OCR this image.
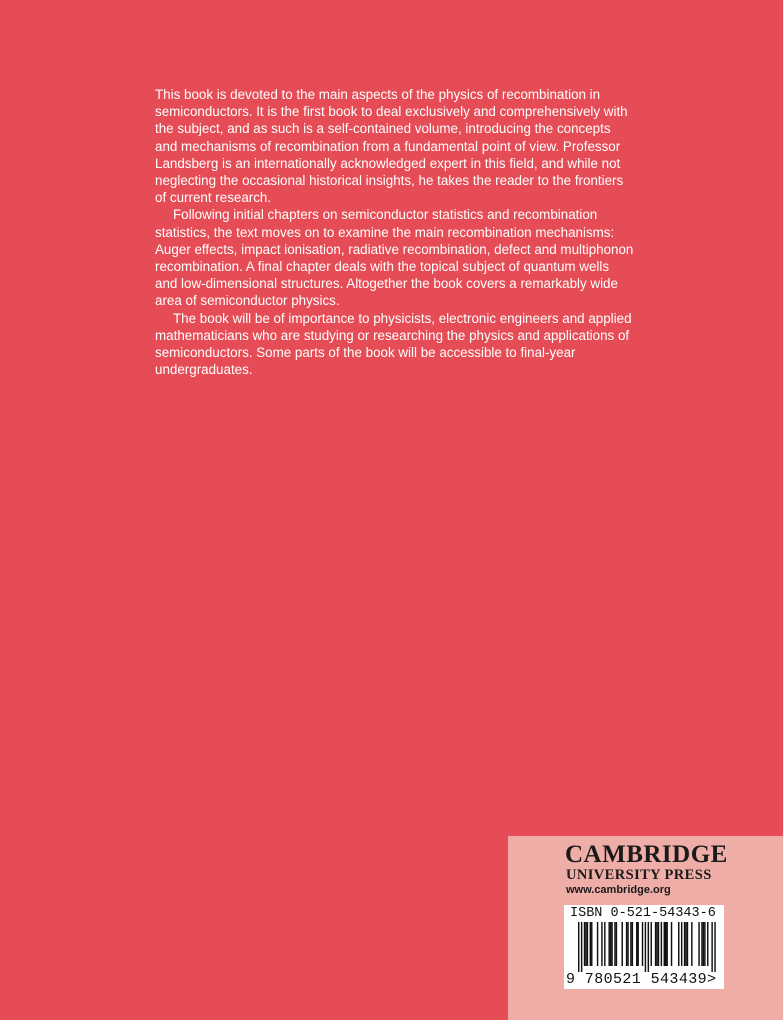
This book is devoted to the main aspects of the physics of recombination in semiconductors. It is the first book to deal exclusively and comprehensively with the subject, and as such is a self-contained volume, introducing the concepts and mechanisms of recombination from a fundamental point of view. Professor Landsberg is an internationally acknowledged expert in this field, and while not neglecting the occasional historical insights, he takes the reader to the frontiers of current research.

Following initial chapters on semiconductor statistics and recombination statistics, the text moves on to examine the main recombination mechanisms: Auger effects, impact ionisation, radiative recombination, defect and multiphonon recombination. A final chapter deals with the topical subject of quantum wells and low-dimensional structures. Altogether the book covers a remarkably wide area of semiconductor physics.

The book will be of importance to physicists, electronic engineers and applied mathematicians who are studying or researching the physics and applications of semiconductors. Some parts of the book will be accessible to final-year undergraduates.

CAMBRIDGE
UNIVERSITY PRESS
www.cambridge.org
ISBN 0-521-54343-6
9 780521 543439>
